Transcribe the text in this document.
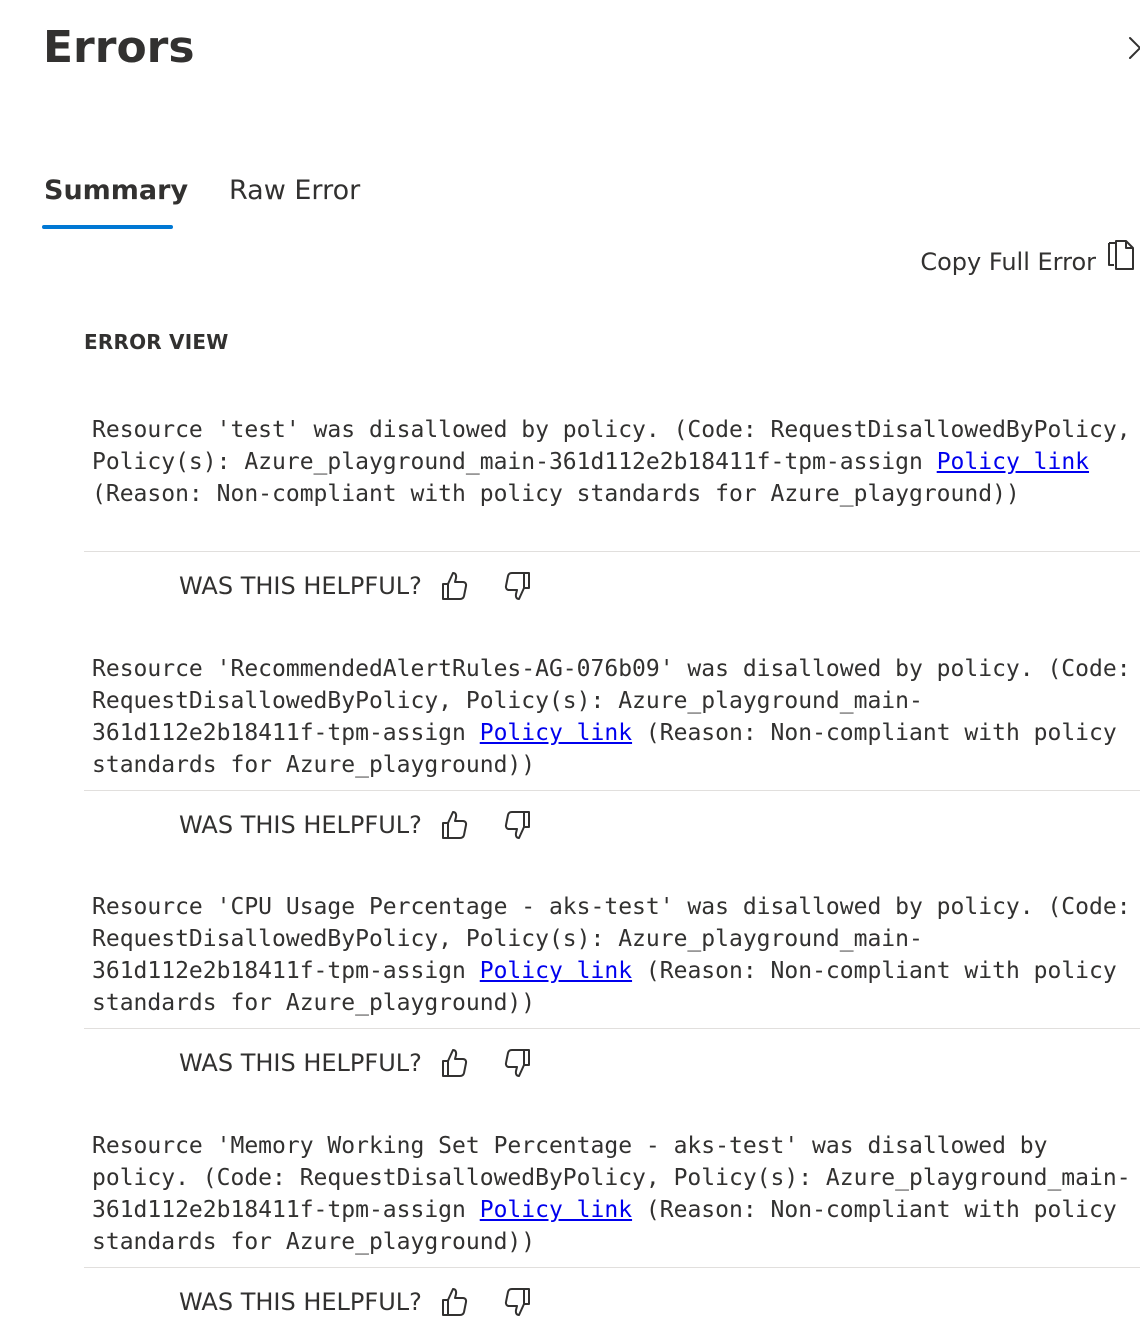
Errors
Summary Raw Error
Copy Full Error
ERROR VIEW

Resource 'test' was disallowed by policy. (Code: RequestDisallowedByPolicy, Policy(s): Azure_playground_main-361d112e2b18411f-tpm-assign Policy link (Reason: Non-compliant with policy standards for Azure_playground))

WAS THIS HELPFUL?

Resource 'RecommendedAlertRules-AG-076b09' was disallowed by policy. (Code: RequestDisallowedByPolicy, Policy(s): Azure_playground_main-361d112e2b18411f-tpm-assign Policy link (Reason: Non-compliant with policy standards for Azure_playground))

WAS THIS HELPFUL?

Resource 'CPU Usage Percentage - aks-test' was disallowed by policy. (Code: RequestDisallowedByPolicy, Policy(s): Azure_playground_main-361d112e2b18411f-tpm-assign Policy link (Reason: Non-compliant with policy standards for Azure_playground))

WAS THIS HELPFUL?

Resource 'Memory Working Set Percentage - aks-test' was disallowed by policy. (Code: RequestDisallowedByPolicy, Policy(s): Azure_playground_main-361d112e2b18411f-tpm-assign Policy link (Reason: Non-compliant with policy standards for Azure_playground))

WAS THIS HELPFUL?
